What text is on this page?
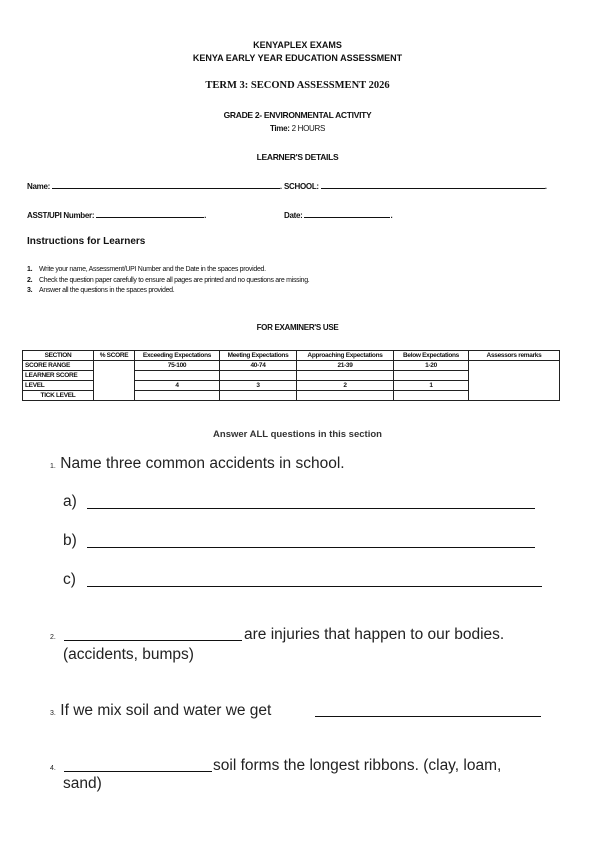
KENYAPLEX EXAMS
KENYA EARLY YEAR EDUCATION ASSESSMENT
TERM 3: SECOND ASSESSMENT 2026
GRADE 2- ENVIRONMENTAL ACTIVITY
Time: 2 HOURS
LEARNER'S DETAILS
Name:	. SCHOOL:	.
ASST/UPI Number:	.	Date:	.
Instructions for Learners
1. Write your name, Assessment/UPI Number and the Date in the spaces provided.
2. Check the question paper carefully to ensure all pages are printed and no questions are missing.
3. Answer all the questions in the spaces provided.
FOR EXAMINER'S USE
SECTION	% SCORE	Exceeding Expectations	Meeting Expectations	Approaching Expectations	Below Expectations	Assessors remarks
SCORE RANGE		75-100	40-74	21-39	1-20	
LEARNER SCORE						
LEVEL		4	3	2	1	
TICK LEVEL						
Answer ALL questions in this section
1. Name three common accidents in school.
a)
b)
c)
2.	are injuries that happen to our bodies.
(accidents, bumps)
3. If we mix soil and water we get
4.	soil forms the longest ribbons. (clay, loam,
sand)
